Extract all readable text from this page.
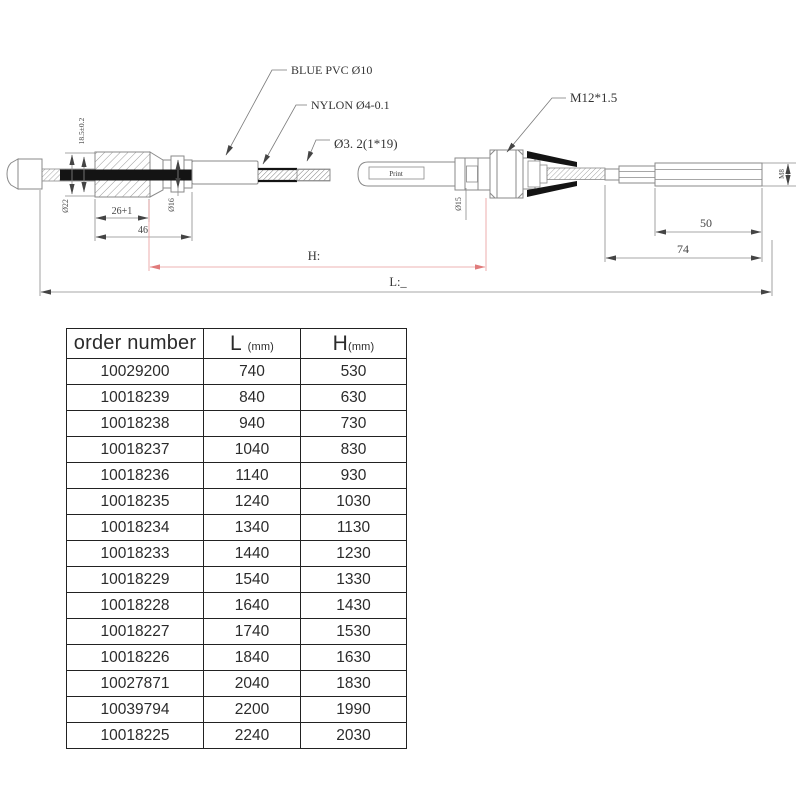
Print
Ø22
18.5±0.2
Ø16	Ø15
26+1
46
50
74
M8
H:
L:_
BLUE PVC Ø10
NYLON Ø4-0.1
Ø3. 2(1*19)
M12*1.5
order number	L (mm)	H(mm)
10029200	740	530
10018239	840	630
10018238	940	730
10018237	1040	830
10018236	1140	930
10018235	1240	1030
10018234	1340	1130
10018233	1440	1230
10018229	1540	1330
10018228	1640	1430
10018227	1740	1530
10018226	1840	1630
10027871	2040	1830
10039794	2200	1990
10018225	2240	2030
